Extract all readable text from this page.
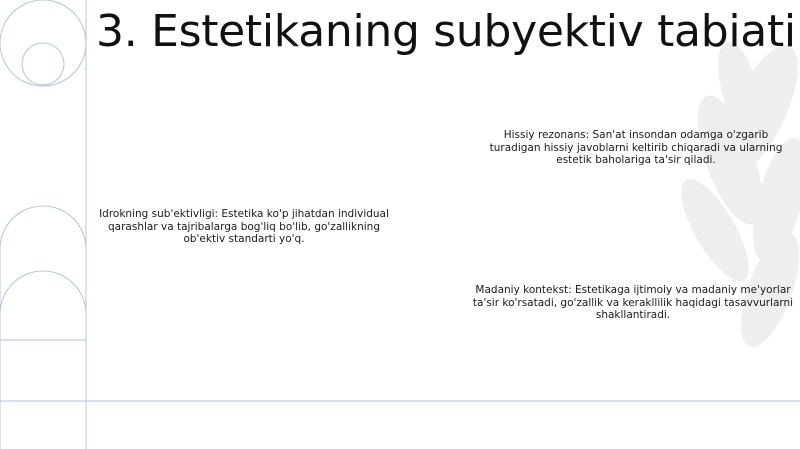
3. Estetikaning subyektiv tabiati
Hissiy rezonans: San'at insondan odamga o'zgarib turadigan hissiy javoblarni keltirib chiqaradi va ularning estetik baholariga ta'sir qiladi.
Idrokning sub'ektivligi: Estetika ko'p jihatdan individual qarashlar va tajribalarga bog'liq bo'lib, go'zallikning ob'ektiv standarti yo'q.
Madaniy kontekst: Estetikaga ijtimoiy va madaniy me'yorlar ta'sir ko'rsatadi, go'zallik va kerakllilik haqidagi tasavvurlarni shakllantiradi.
